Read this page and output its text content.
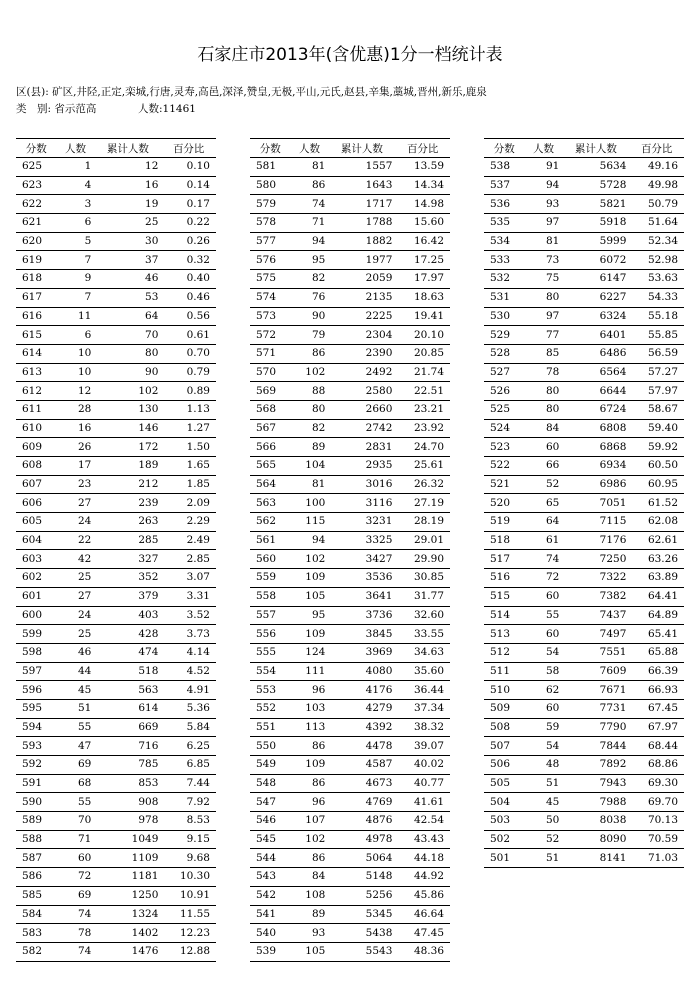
石家庄市2013年(含优惠)1分一档统计表
区(县): 矿区,井陉,正定,栾城,行唐,灵寿,高邑,深泽,赞皇,无极,平山,元氏,赵县,辛集,藁城,晋州,新乐,鹿泉
类　别: 省示范高	人数:11461
分数	人数	累计人数	百分比
625	1	12	0.10
623	4	16	0.14
622	3	19	0.17
621	6	25	0.22
620	5	30	0.26
619	7	37	0.32
618	9	46	0.40
617	7	53	0.46
616	11	64	0.56
615	6	70	0.61
614	10	80	0.70
613	10	90	0.79
612	12	102	0.89
611	28	130	1.13
610	16	146	1.27
609	26	172	1.50
608	17	189	1.65
607	23	212	1.85
606	27	239	2.09
605	24	263	2.29
604	22	285	2.49
603	42	327	2.85
602	25	352	3.07
601	27	379	3.31
600	24	403	3.52
599	25	428	3.73
598	46	474	4.14
597	44	518	4.52
596	45	563	4.91
595	51	614	5.36
594	55	669	5.84
593	47	716	6.25
592	69	785	6.85
591	68	853	7.44
590	55	908	7.92
589	70	978	8.53
588	71	1049	9.15
587	60	1109	9.68
586	72	1181	10.30
585	69	1250	10.91
584	74	1324	11.55
583	78	1402	12.23
582	74	1476	12.88
分数	人数	累计人数	百分比
581	81	1557	13.59
580	86	1643	14.34
579	74	1717	14.98
578	71	1788	15.60
577	94	1882	16.42
576	95	1977	17.25
575	82	2059	17.97
574	76	2135	18.63
573	90	2225	19.41
572	79	2304	20.10
571	86	2390	20.85
570	102	2492	21.74
569	88	2580	22.51
568	80	2660	23.21
567	82	2742	23.92
566	89	2831	24.70
565	104	2935	25.61
564	81	3016	26.32
563	100	3116	27.19
562	115	3231	28.19
561	94	3325	29.01
560	102	3427	29.90
559	109	3536	30.85
558	105	3641	31.77
557	95	3736	32.60
556	109	3845	33.55
555	124	3969	34.63
554	111	4080	35.60
553	96	4176	36.44
552	103	4279	37.34
551	113	4392	38.32
550	86	4478	39.07
549	109	4587	40.02
548	86	4673	40.77
547	96	4769	41.61
546	107	4876	42.54
545	102	4978	43.43
544	86	5064	44.18
543	84	5148	44.92
542	108	5256	45.86
541	89	5345	46.64
540	93	5438	47.45
539	105	5543	48.36
分数	人数	累计人数	百分比
538	91	5634	49.16
537	94	5728	49.98
536	93	5821	50.79
535	97	5918	51.64
534	81	5999	52.34
533	73	6072	52.98
532	75	6147	53.63
531	80	6227	54.33
530	97	6324	55.18
529	77	6401	55.85
528	85	6486	56.59
527	78	6564	57.27
526	80	6644	57.97
525	80	6724	58.67
524	84	6808	59.40
523	60	6868	59.92
522	66	6934	60.50
521	52	6986	60.95
520	65	7051	61.52
519	64	7115	62.08
518	61	7176	62.61
517	74	7250	63.26
516	72	7322	63.89
515	60	7382	64.41
514	55	7437	64.89
513	60	7497	65.41
512	54	7551	65.88
511	58	7609	66.39
510	62	7671	66.93
509	60	7731	67.45
508	59	7790	67.97
507	54	7844	68.44
506	48	7892	68.86
505	51	7943	69.30
504	45	7988	69.70
503	50	8038	70.13
502	52	8090	70.59
501	51	8141	71.03
